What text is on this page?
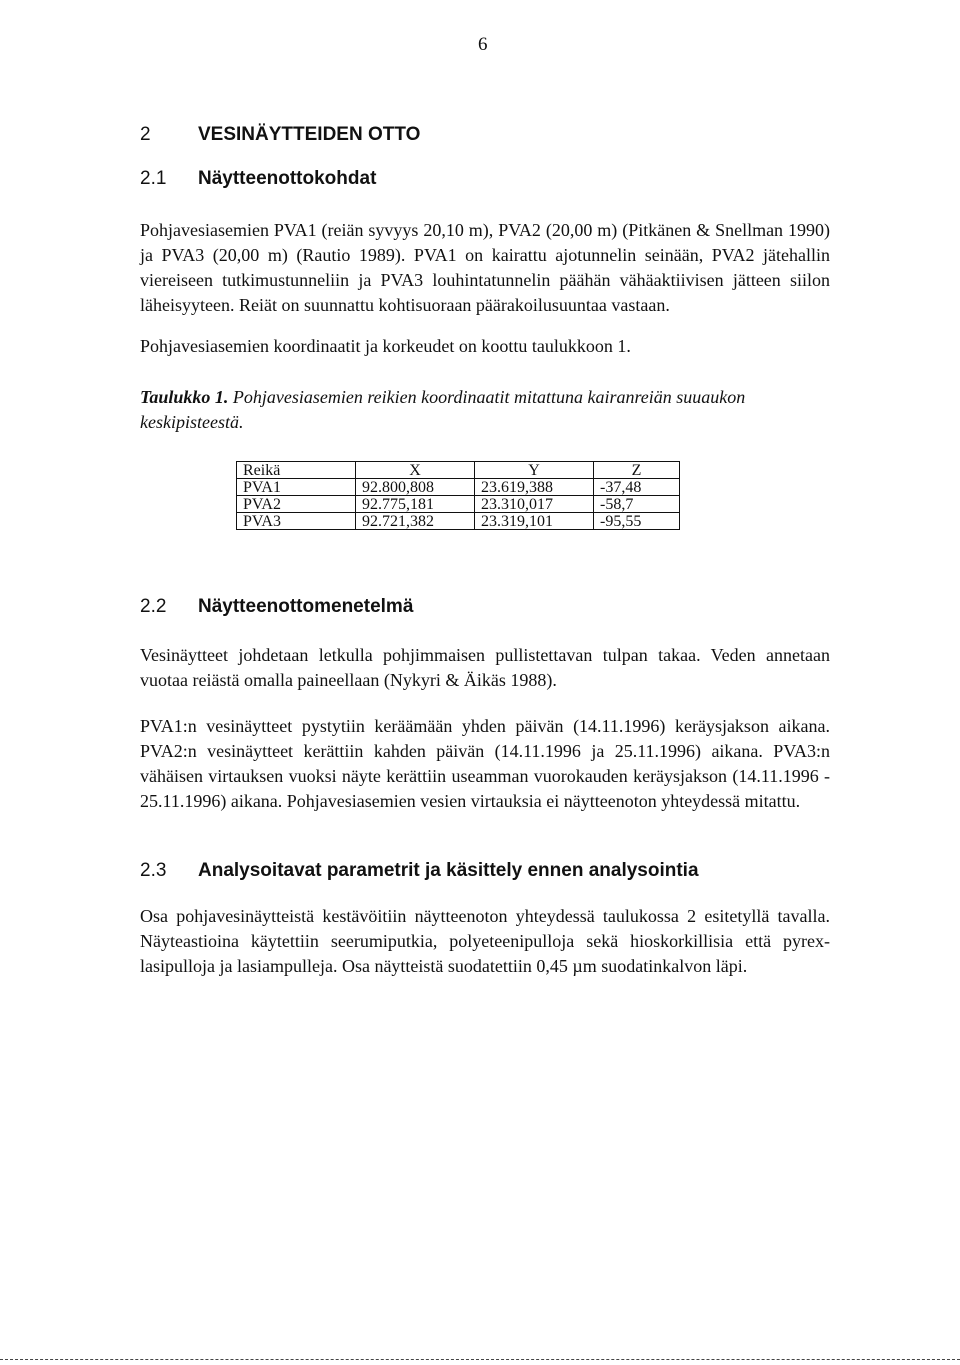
6
2 VESINÄYTTEIDEN OTTO
2.1 Näytteenottokohdat

Pohjavesiasemien PVA1 (reiän syvyys 20,10 m), PVA2 (20,00 m) (Pitkänen & Snellman 1990) ja PVA3 (20,00 m) (Rautio 1989). PVA1 on kairattu ajotunnelin seinään, PVA2 jätehallin viereiseen tutkimustunneliin ja PVA3 louhintatunnelin päähän vähäaktiivisen jätteen siilon läheisyyteen. Reiät on suunnattu kohtisuoraan päärakoilusuuntaa vastaan.

Pohjavesiasemien koordinaatit ja korkeudet on koottu taulukkoon 1.

Taulukko 1. Pohjavesiasemien reikien koordinaatit mitattuna kairanreiän suuaukon keskipisteestä.
Reikä	X	Y	Z
PVA1	92.800,808	23.619,388	-37,48
PVA2	92.775,181	23.310,017	-58,7
PVA3	92.721,382	23.319,101	-95,55
2.2 Näytteenottomenetelmä

Vesinäytteet johdetaan letkulla pohjimmaisen pullistettavan tulpan takaa. Veden annetaan vuotaa reiästä omalla paineellaan (Nykyri & Äikäs 1988).

PVA1:n vesinäytteet pystytiin keräämään yhden päivän (14.11.1996) keräysjakson aikana. PVA2:n vesinäytteet kerättiin kahden päivän (14.11.1996 ja 25.11.1996) aikana. PVA3:n vähäisen virtauksen vuoksi näyte kerättiin useamman vuorokauden keräysjakson (14.11.1996 - 25.11.1996) aikana. Pohjavesiasemien vesien virtauksia ei näytteenoton yhteydessä mitattu.

2.3 Analysoitavat parametrit ja käsittely ennen analysointia

Osa pohjavesinäytteistä kestävöitiin näytteenoton yhteydessä taulukossa 2 esitetyllä tavalla. Näyteastioina käytettiin seerumiputkia, polyeteenipulloja sekä hioskorkillisia että pyrex-lasipulloja ja lasiampulleja. Osa näytteistä suodatettiin 0,45 µm suodatinkalvon läpi.
